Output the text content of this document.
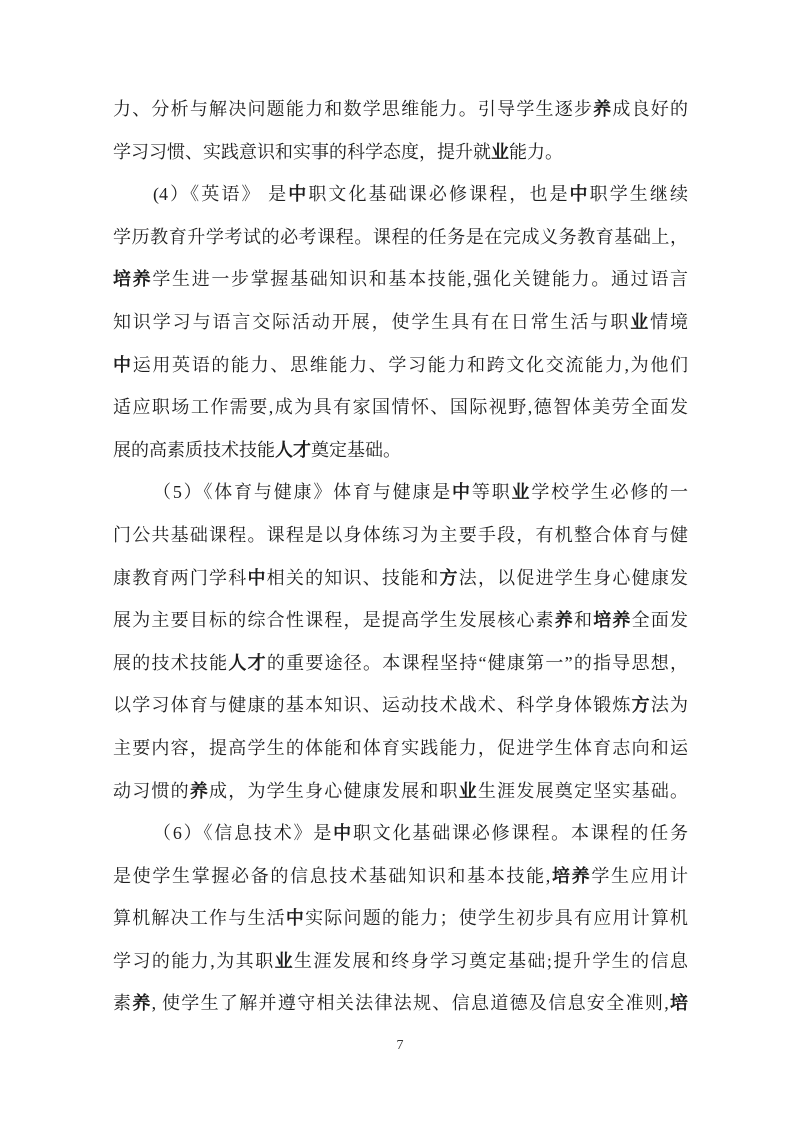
力、分析与解决问题能力和数学思维能力。引导学生逐步养成良好的
学习习惯、实践意识和实事的科学态度，提升就业能力。
(4）《英语》 是中职文化基础课必修课程，也是中职学生继续
学历教育升学考试的必考课程。课程的任务是在完成义务教育基础上，
培养学生进一步掌握基础知识和基本技能,强化关键能力。通过语言
知识学习与语言交际活动开展，使学生具有在日常生活与职业情境
中运用英语的能力、思维能力、学习能力和跨文化交流能力,为他们
适应职场工作需要,成为具有家国情怀、国际视野,德智体美劳全面发
展的高素质技术技能人才奠定基础。
（5）《体育与健康》体育与健康是中等职业学校学生必修的一
门公共基础课程。课程是以身体练习为主要手段，有机整合体育与健
康教育两门学科中相关的知识、技能和方法，以促进学生身心健康发
展为主要目标的综合性课程，是提高学生发展核心素养和培养全面发
展的技术技能人才的重要途径。本课程坚持“健康第一”的指导思想，
以学习体育与健康的基本知识、运动技术战术、科学身体锻炼方法为
主要内容，提高学生的体能和体育实践能力，促进学生体育志向和运
动习惯的养成，为学生身心健康发展和职业生涯发展奠定坚实基础。
（6）《信息技术》是中职文化基础课必修课程。本课程的任务
是使学生掌握必备的信息技术基础知识和基本技能,培养学生应用计
算机解决工作与生活中实际问题的能力；使学生初步具有应用计算机
学习的能力,为其职业生涯发展和终身学习奠定基础;提升学生的信息
素养, 使学生了解并遵守相关法律法规、信息道德及信息安全准则,培
7
